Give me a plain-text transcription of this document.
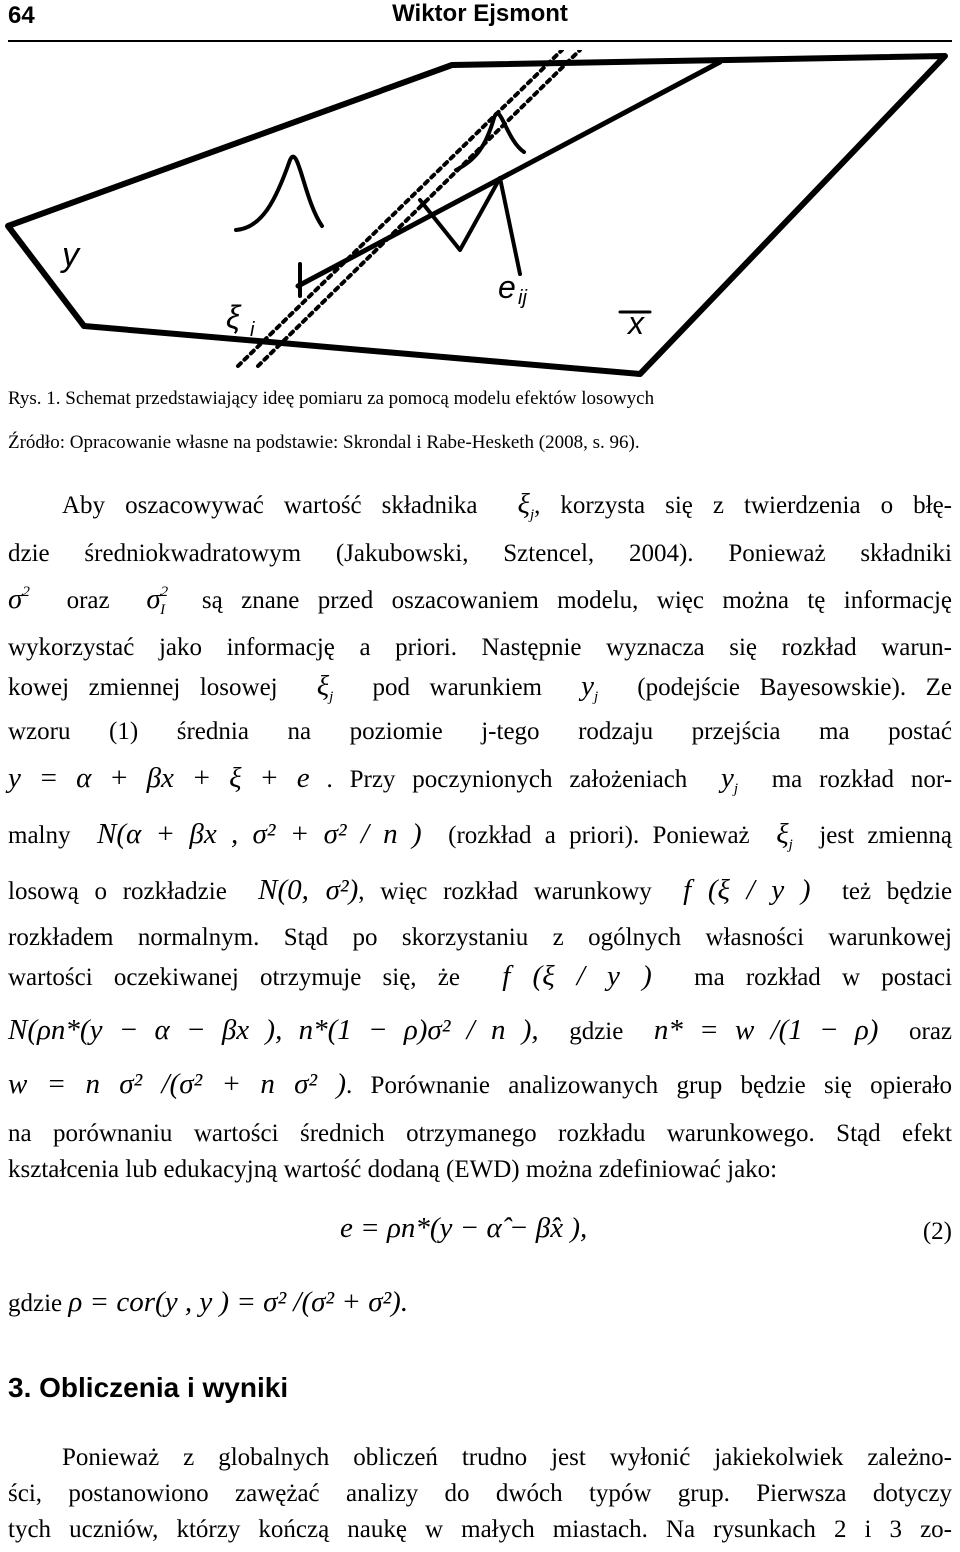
64	Wiktor Ejsmont
y
ξ i
e ij
x
Rys. 1. Schemat przedstawiający ideę pomiaru za pomocą modelu efektów losowych
Źródło: Opracowanie własne na podstawie: Skrondal i Rabe-Hesketh (2008, s. 96).
Aby oszacowywać wartość składnika $\xi_j$, korzysta się z twierdzenia o błę-
dzie średniokwadratowym (Jakubowski, Sztencel, 2004). Ponieważ składniki
$\sigma^2$ oraz $\sigma^2_I$ są znane przed oszacowaniem modelu, więc można tę informację
wykorzystać jako informację a priori. Następnie wyznacza się rozkład warun-
kowej zmiennej losowej $\xi_j$ pod warunkiem $y_j$ (podejście Bayesowskie). Ze
wzoru (1) średnia na poziomie j-tego rodzaju przejścia ma postać
y = α + βx + ξ + e . Przy poczynionych założeniach $y_j$ ma rozkład nor-
malny N(α + βx , σ² + σ² / n ) (rozkład a priori). Ponieważ $\xi_j$ jest zmienną
losową o rozkładzie N(0, σ²), więc rozkład warunkowy f (ξ / y ) też będzie
rozkładem normalnym. Stąd po skorzystaniu z ogólnych własności warunkowej
wartości oczekiwanej otrzymuje się, że f (ξ / y ) ma rozkład w postaci
N(ρn*(y − α − βx ), n*(1 − ρ)σ² / n ), gdzie n* = w /(1 − ρ) oraz
w = n σ² /(σ² + n σ² ). Porównanie analizowanych grup będzie się opierało
na porównaniu wartości średnich otrzymanego rozkładu warunkowego. Stąd efekt
kształcenia lub edukacyjną wartość dodaną (EWD) można zdefiniować jako:
e = ρn*(y − α̂ − β̂x ),	(2)
gdzie ρ = cor(y , y ) = σ² /(σ² + σ²).
3. Obliczenia i wyniki
Ponieważ z globalnych obliczeń trudno jest wyłonić jakiekolwiek zależno-
ści, postanowiono zawężać analizy do dwóch typów grup. Pierwsza dotyczy
tych uczniów, którzy kończą naukę w małych miastach. Na rysunkach 2 i 3 zo-
